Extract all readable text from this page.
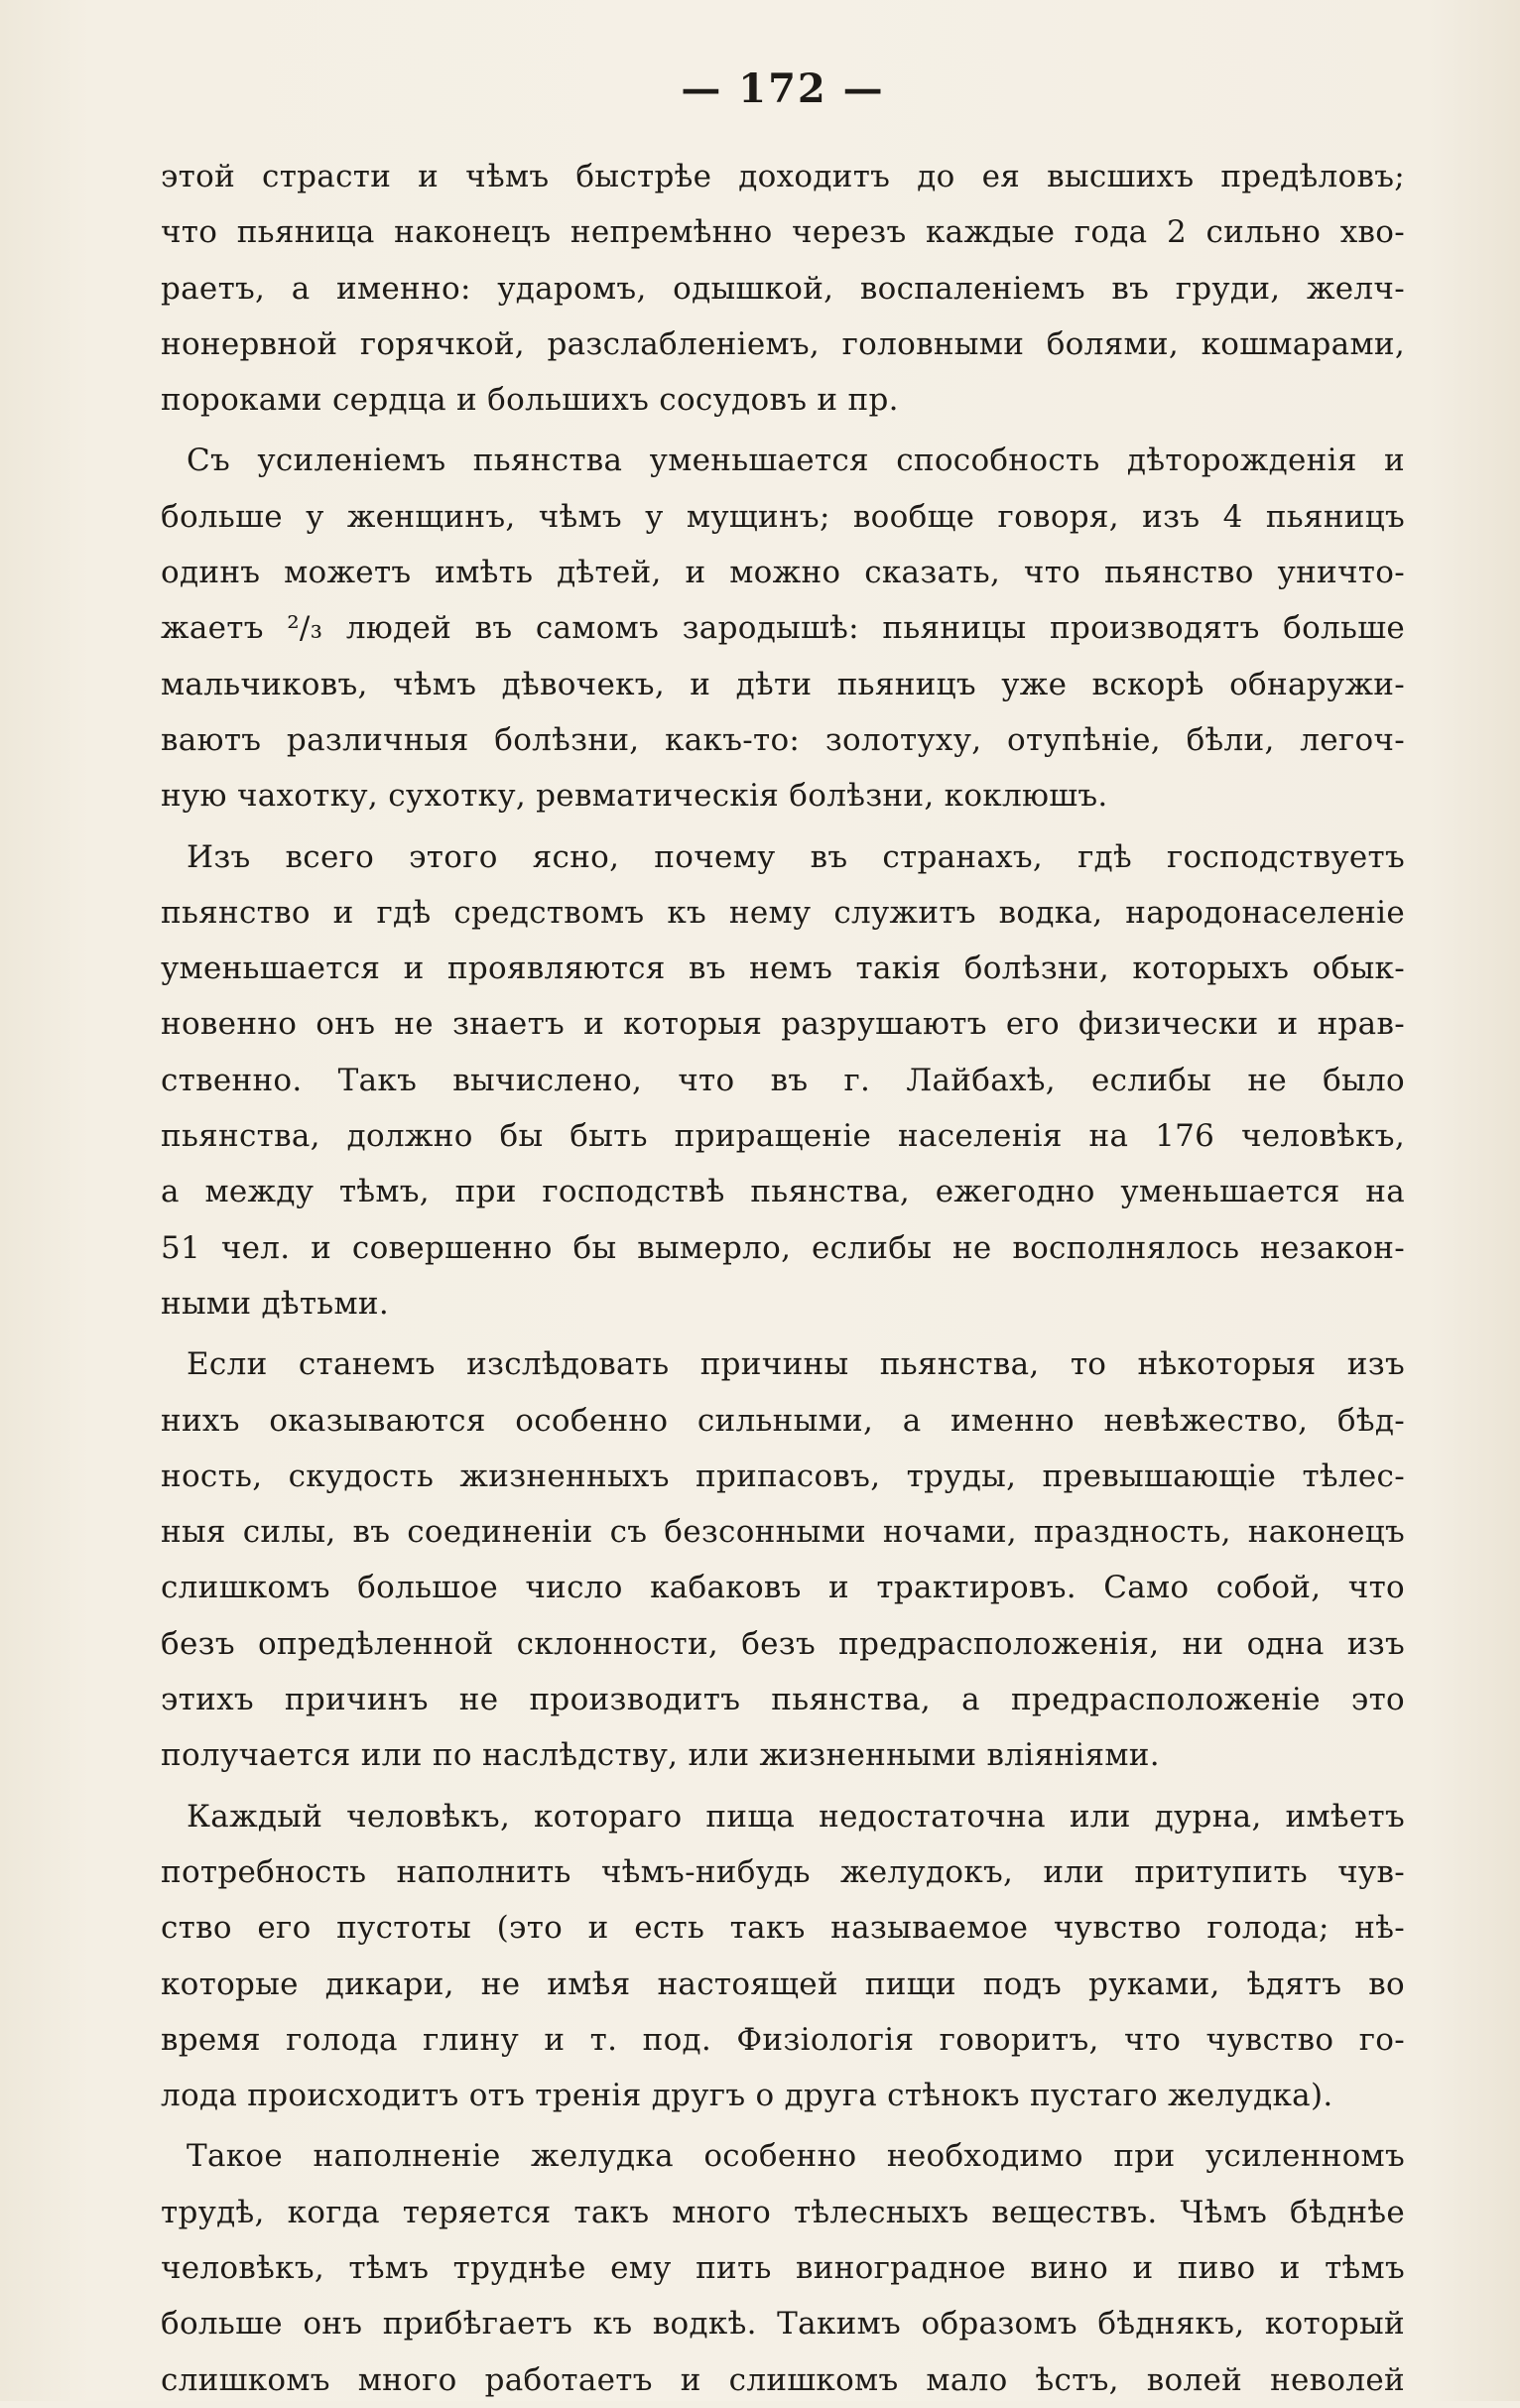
— 172 —
этой страсти и чѣмъ быстрѣе доходитъ до ея высшихъ предѣловъ;
что пьяница наконецъ непремѣнно черезъ каждые года 2 сильно хво-
раетъ, а именно: ударомъ, одышкой, воспаленіемъ въ груди, желч-
нонервной горячкой, разслабленіемъ, головными болями, кошмарами,
пороками сердца и большихъ сосудовъ и пр.
Съ усиленіемъ пьянства уменьшается способность дѣторожденія и
больше у женщинъ, чѣмъ у мущинъ; вообще говоря, изъ 4 пьяницъ
одинъ можетъ имѣть дѣтей, и можно сказать, что пьянство уничто-
жаетъ ²/₃ людей въ самомъ зародышѣ: пьяницы производятъ больше
мальчиковъ, чѣмъ дѣвочекъ, и дѣти пьяницъ уже вскорѣ обнаружи-
ваютъ различныя болѣзни, какъ-то: золотуху, отупѣніе, бѣли, легоч-
ную чахотку, сухотку, ревматическія болѣзни, коклюшъ.
Изъ всего этого ясно, почему въ странахъ, гдѣ господствуетъ
пьянство и гдѣ средствомъ къ нему служитъ водка, народонаселеніе
уменьшается и проявляются въ немъ такія болѣзни, которыхъ обык-
новенно онъ не знаетъ и которыя разрушаютъ его физически и нрав-
ственно. Такъ вычислено, что въ г. Лайбахѣ, еслибы не было
пьянства, должно бы быть приращеніе населенія на 176 человѣкъ,
а между тѣмъ, при господствѣ пьянства, ежегодно уменьшается на
51 чел. и совершенно бы вымерло, еслибы не восполнялось незакон-
ными дѣтьми.
Если станемъ изслѣдовать причины пьянства, то нѣкоторыя изъ
нихъ оказываются особенно сильными, а именно невѣжество, бѣд-
ность, скудость жизненныхъ припасовъ, труды, превышающіе тѣлес-
ныя силы, въ соединеніи съ безсонными ночами, праздность, наконецъ
слишкомъ большое число кабаковъ и трактировъ. Само собой, что
безъ опредѣленной склонности, безъ предрасположенія, ни одна изъ
этихъ причинъ не производитъ пьянства, а предрасположеніе это
получается или по наслѣдству, или жизненными вліяніями.
Каждый человѣкъ, котораго пища недостаточна или дурна, имѣетъ
потребность наполнить чѣмъ-нибудь желудокъ, или притупить чув-
ство его пустоты (это и есть такъ называемое чувство голода; нѣ-
которые дикари, не имѣя настоящей пищи подъ руками, ѣдятъ во
время голода глину и т. под. Физіологія говоритъ, что чувство го-
лода происходитъ отъ тренія другъ о друга стѣнокъ пустаго желудка).
Такое наполненіе желудка особенно необходимо при усиленномъ
трудѣ, когда теряется такъ много тѣлесныхъ веществъ. Чѣмъ бѣднѣе
человѣкъ, тѣмъ труднѣе ему пить виноградное вино и пиво и тѣмъ
больше онъ прибѣгаетъ къ водкѣ. Такимъ образомъ бѣднякъ, который
слишкомъ много работаетъ и слишкомъ мало ѣстъ, волей неволей
